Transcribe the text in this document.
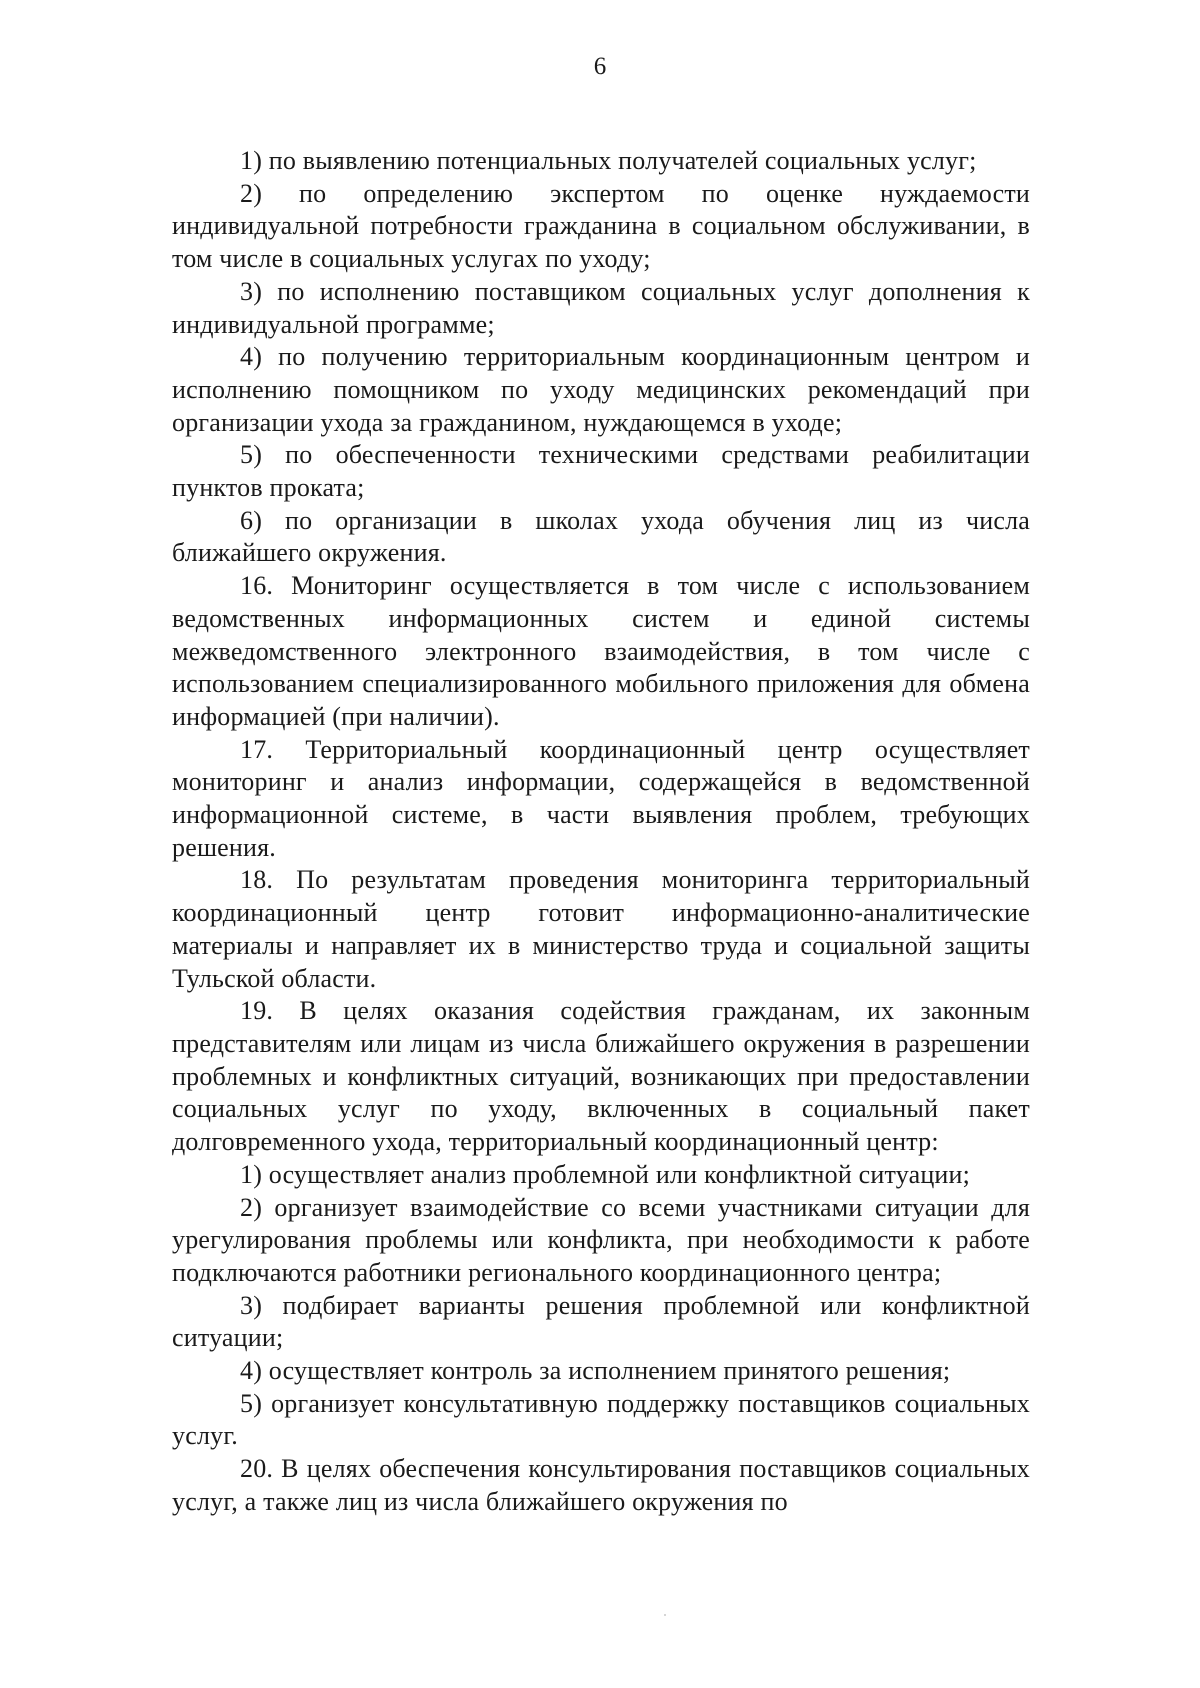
6

1) по выявлению потенциальных получателей социальных услуг;

2) по определению экспертом по оценке нуждаемости индивидуальной потребности гражданина в социальном обслуживании, в том числе в социальных услугах по уходу;

3) по исполнению поставщиком социальных услуг дополнения к индивидуальной программе;

4) по получению территориальным координационным центром и исполнению помощником по уходу медицинских рекомендаций при организации ухода за гражданином, нуждающемся в уходе;

5) по обеспеченности техническими средствами реабилитации пунктов проката;

6) по организации в школах ухода обучения лиц из числа ближайшего окружения.

16. Мониторинг осуществляется в том числе с использованием ведомственных информационных систем и единой системы межведомственного электронного взаимодействия, в том числе с использованием специализированного мобильного приложения для обмена информацией (при наличии).

17. Территориальный координационный центр осуществляет мониторинг и анализ информации, содержащейся в ведомственной информационной системе, в части выявления проблем, требующих решения.

18. По результатам проведения мониторинга территориальный координационный центр готовит информационно-аналитические материалы и направляет их в министерство труда и социальной защиты Тульской области.

19. В целях оказания содействия гражданам, их законным представителям или лицам из числа ближайшего окружения в разрешении проблемных и конфликтных ситуаций, возникающих при предоставлении социальных услуг по уходу, включенных в социальный пакет долговременного ухода, территориальный координационный центр:

1) осуществляет анализ проблемной или конфликтной ситуации;

2) организует взаимодействие со всеми участниками ситуации для урегулирования проблемы или конфликта, при необходимости к работе подключаются работники регионального координационного центра;

3) подбирает варианты решения проблемной или конфликтной ситуации;

4) осуществляет контроль за исполнением принятого решения;

5) организует консультативную поддержку поставщиков социальных услуг.

20. В целях обеспечения консультирования поставщиков социальных услуг, а также лиц из числа ближайшего окружения по
